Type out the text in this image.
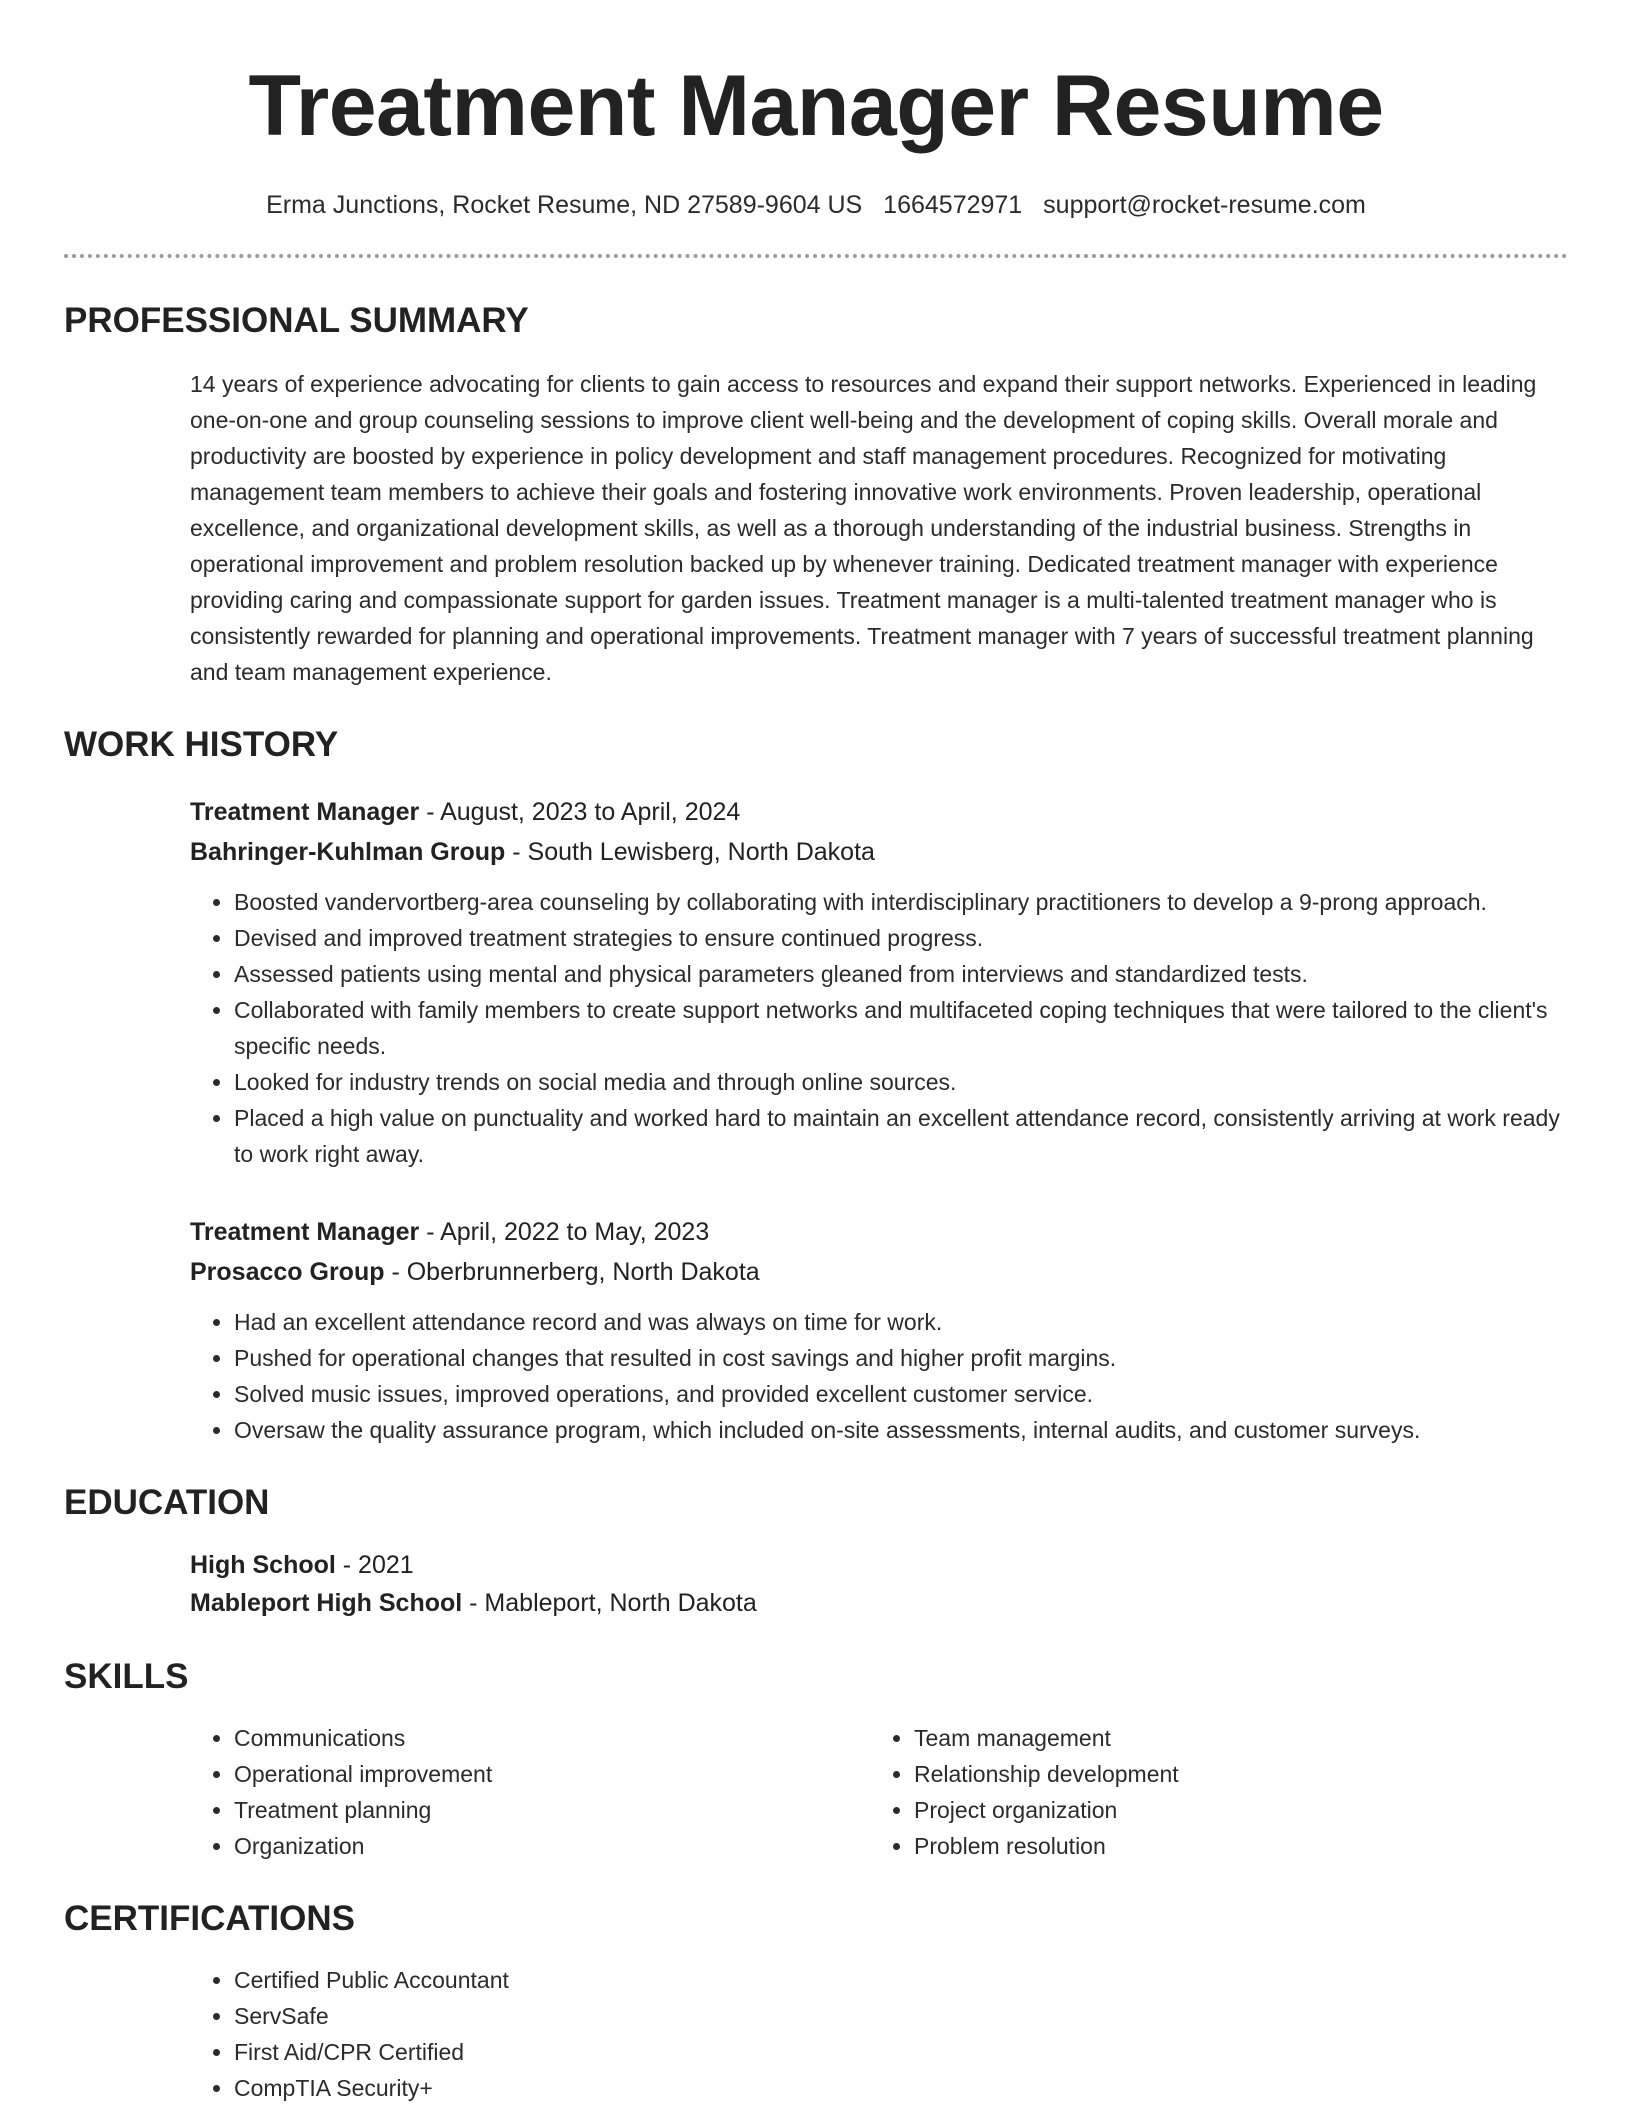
Treatment Manager Resume
Erma Junctions, Rocket Resume, ND 27589-9604 US 1664572971 support@rocket-resume.com
PROFESSIONAL SUMMARY

14 years of experience advocating for clients to gain access to resources and expand their support networks. Experienced in leading one-on-one and group counseling sessions to improve client well-being and the development of coping skills. Overall morale and productivity are boosted by experience in policy development and staff management procedures. Recognized for motivating management team members to achieve their goals and fostering innovative work environments. Proven leadership, operational excellence, and organizational development skills, as well as a thorough understanding of the industrial business. Strengths in operational improvement and problem resolution backed up by whenever training. Dedicated treatment manager with experience providing caring and compassionate support for garden issues. Treatment manager is a multi-talented treatment manager who is consistently rewarded for planning and operational improvements. Treatment manager with 7 years of successful treatment planning and team management experience.

WORK HISTORY
Treatment Manager - August, 2023 to April, 2024
Bahringer-Kuhlman Group - South Lewisberg, North Dakota
• Boosted vandervortberg-area counseling by collaborating with interdisciplinary practitioners to develop a 9-prong approach.
• Devised and improved treatment strategies to ensure continued progress.
• Assessed patients using mental and physical parameters gleaned from interviews and standardized tests.
• Collaborated with family members to create support networks and multifaceted coping techniques that were tailored to the client's specific needs.
• Looked for industry trends on social media and through online sources.
• Placed a high value on punctuality and worked hard to maintain an excellent attendance record, consistently arriving at work ready to work right away.
Treatment Manager - April, 2022 to May, 2023
Prosacco Group - Oberbrunnerberg, North Dakota
• Had an excellent attendance record and was always on time for work.
• Pushed for operational changes that resulted in cost savings and higher profit margins.
• Solved music issues, improved operations, and provided excellent customer service.
• Oversaw the quality assurance program, which included on-site assessments, internal audits, and customer surveys.
EDUCATION
High School - 2021
Mableport High School - Mableport, North Dakota
SKILLS
• Communications
• Operational improvement
• Treatment planning
• Organization
• Team management
• Relationship development
• Project organization
• Problem resolution
CERTIFICATIONS
• Certified Public Accountant
• ServSafe
• First Aid/CPR Certified
• CompTIA Security+
